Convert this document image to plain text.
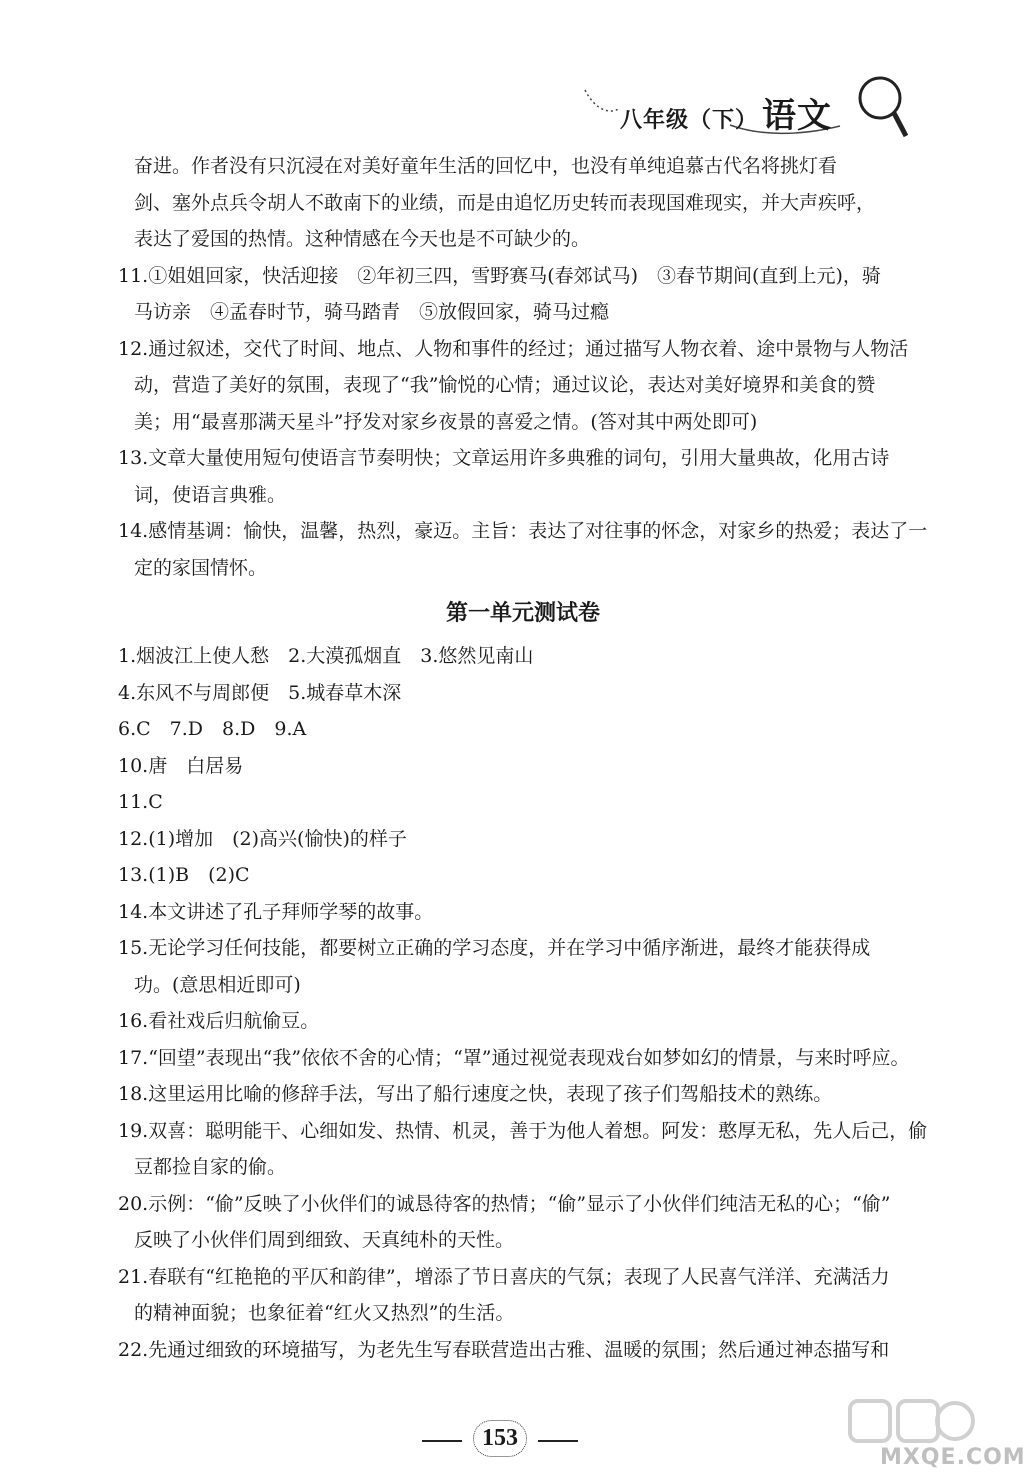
八年级（下） 语文

奋进。作者没有只沉浸在对美好童年生活的回忆中，也没有单纯追慕古代名将挑灯看

剑、塞外点兵令胡人不敢南下的业绩，而是由追忆历史转而表现国难现实，并大声疾呼，

表达了爱国的热情。这种情感在今天也是不可缺少的。

11.①姐姐回家，快活迎接　②年初三四，雪野赛马(春郊试马)　③春节期间(直到上元)，骑

马访亲　④孟春时节，骑马踏青　⑤放假回家，骑马过瘾

12.通过叙述，交代了时间、地点、人物和事件的经过；通过描写人物衣着、途中景物与人物活

动，营造了美好的氛围，表现了“我”愉悦的心情；通过议论，表达对美好境界和美食的赞

美；用“最喜那满天星斗”抒发对家乡夜景的喜爱之情。(答对其中两处即可)

13.文章大量使用短句使语言节奏明快；文章运用许多典雅的词句，引用大量典故，化用古诗

词，使语言典雅。

14.感情基调：愉快，温馨，热烈，豪迈。主旨：表达了对往事的怀念，对家乡的热爱；表达了一

定的家国情怀。

第一单元测试卷

1.烟波江上使人愁　2.大漠孤烟直　3.悠然见南山

4.东风不与周郎便　5.城春草木深

6.C　7.D　8.D　9.A

10.唐　白居易

11.C

12.(1)增加　(2)高兴(愉快)的样子

13.(1)B　(2)C

14.本文讲述了孔子拜师学琴的故事。

15.无论学习任何技能，都要树立正确的学习态度，并在学习中循序渐进，最终才能获得成

功。(意思相近即可)

16.看社戏后归航偷豆。

17.“回望”表现出“我”依依不舍的心情；“罩”通过视觉表现戏台如梦如幻的情景，与来时呼应。

18.这里运用比喻的修辞手法，写出了船行速度之快，表现了孩子们驾船技术的熟练。

19.双喜：聪明能干、心细如发、热情、机灵，善于为他人着想。阿发：憨厚无私，先人后己，偷

豆都捡自家的偷。

20.示例：“偷”反映了小伙伴们的诚恳待客的热情；“偷”显示了小伙伴们纯洁无私的心；“偷”

反映了小伙伴们周到细致、天真纯朴的天性。

21.春联有“红艳艳的平仄和韵律”，增添了节日喜庆的气氛；表现了人民喜气洋洋、充满活力

的精神面貌；也象征着“红火又热烈”的生活。

22.先通过细致的环境描写，为老先生写春联营造出古雅、温暖的氛围；然后通过神态描写和

153
MXQE.COM
